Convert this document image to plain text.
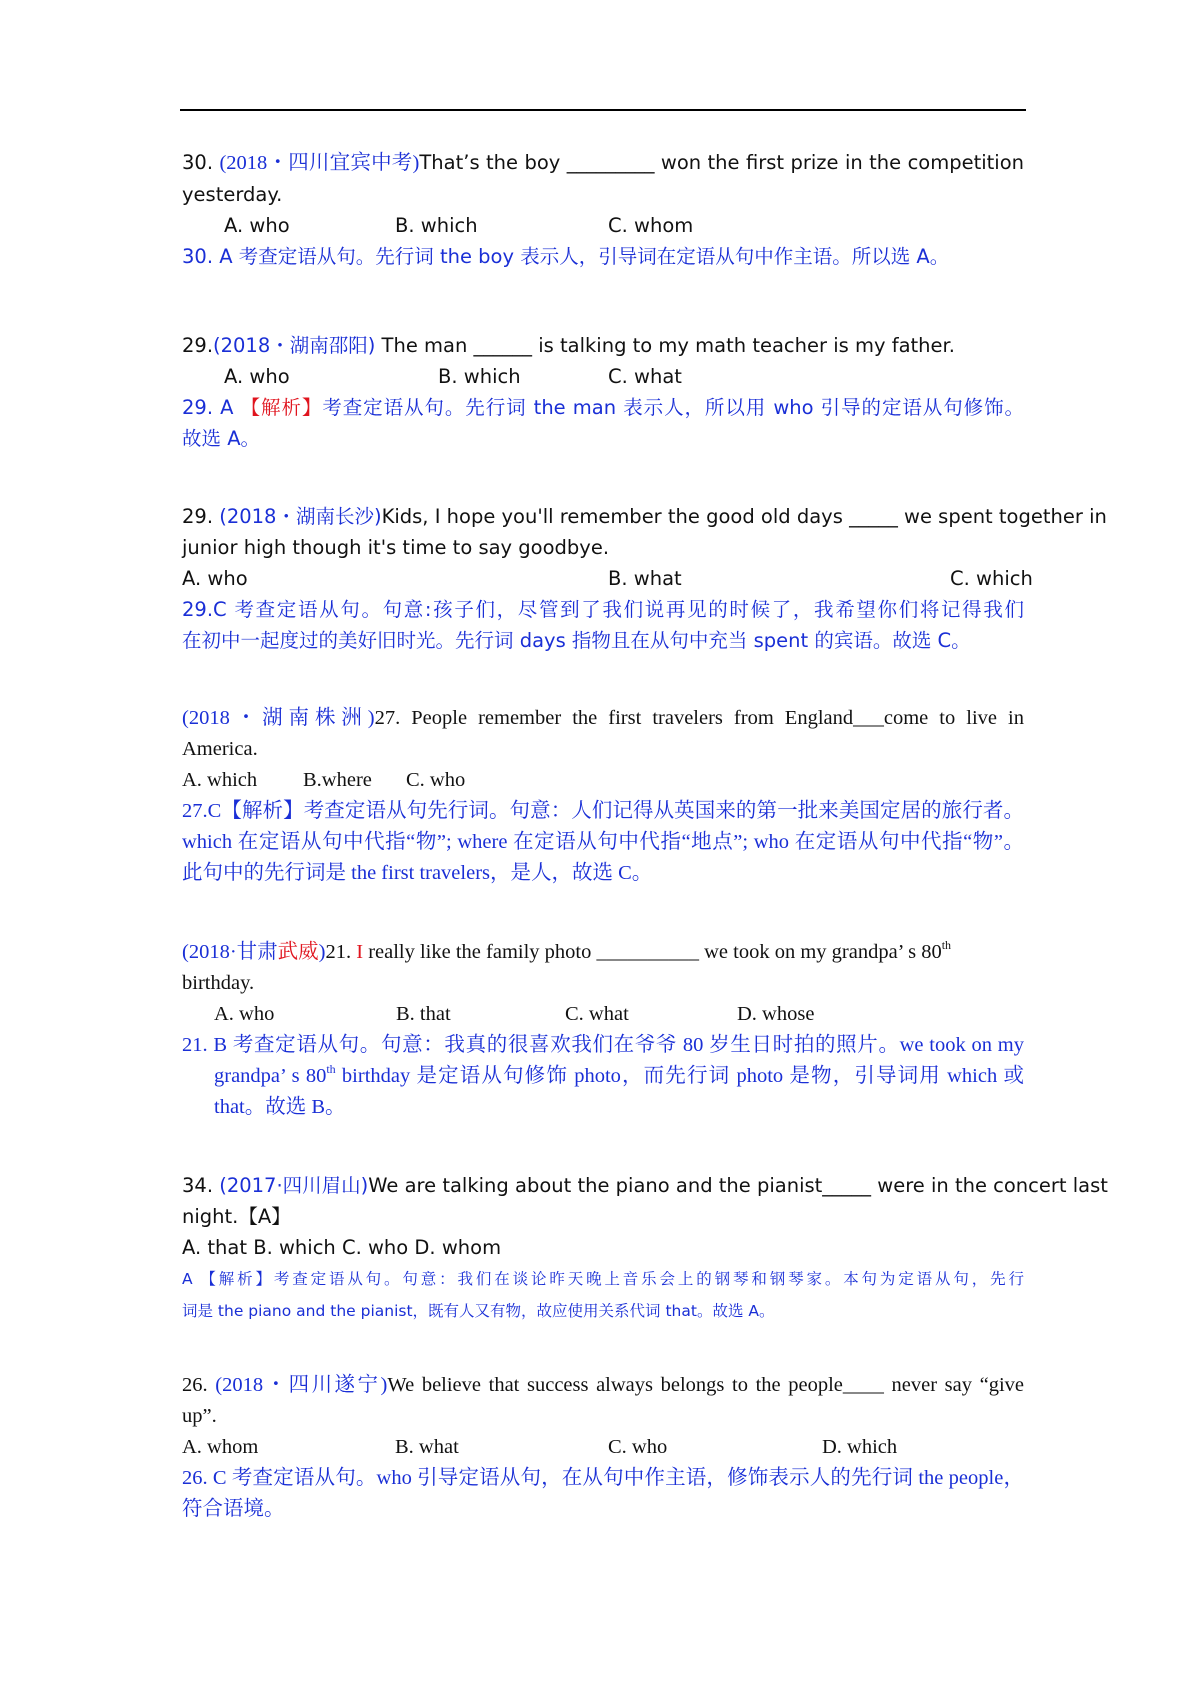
30. (2018・四川宜宾中考)That’s the boy _________ won the first prize in the competition
yesterday.
A. who	B. which	C. whom
30. A 考查定语从句。先行词 the boy 表示人，引导词在定语从句中作主语。所以选 A。
29.(2018・湖南邵阳) The man ______ is talking to my math teacher is my father.
A. who	B. which	C. what
29. A 【解析】考查定语从句。先行词 the man 表示人，所以用 who 引导的定语从句修饰。
故选 A。
29. (2018・湖南长沙)Kids, I hope you'll remember the good old days _____ we spent together in
junior high though it's time to say goodbye.
A. who	B. what	C. which
29.C 考查定语从句。句意:孩子们，尽管到了我们说再见的时候了，我希望你们将记得我们
在初中一起度过的美好旧时光。先行词 days 指物且在从句中充当 spent 的宾语。故选 C。
(2018・湖南株洲)27. People remember the first travelers from England___come to live in
America.
A. which B.where C. who
27.C【解析】考查定语从句先行词。句意：人们记得从英国来的第一批来美国定居的旅行者。
which 在定语从句中代指“物”; where 在定语从句中代指“地点”; who 在定语从句中代指“物”。
此句中的先行词是 the first travelers，是人，故选 C。
(2018·甘肃武威)21. I really like the family photo __________ we took on my grandpa’ s 80th
birthday.
A. who	B. that	C. what	D. whose
21. B 考查定语从句。句意：我真的很喜欢我们在爷爷 80 岁生日时拍的照片。we took on my
grandpa’ s 80th birthday 是定语从句修饰 photo，而先行词 photo 是物，引导词用 which 或
that。故选 B。
34. (2017·四川眉山)We are talking about the piano and the pianist_____ were in the concert last
night.【A】
A. that B. which C. who D. whom
A 【解析】考查定语从句。句意：我们在谈论昨天晚上音乐会上的钢琴和钢琴家。本句为定语从句，先行
词是 the piano and the pianist，既有人又有物，故应使用关系代词 that。故选 A。
26. (2018・四川遂宁)We believe that success always belongs to the people____ never say “give
up”.
A. whom	B. what	C. who	D. which
26. C 考查定语从句。who 引导定语从句，在从句中作主语，修饰表示人的先行词 the people，
符合语境。
